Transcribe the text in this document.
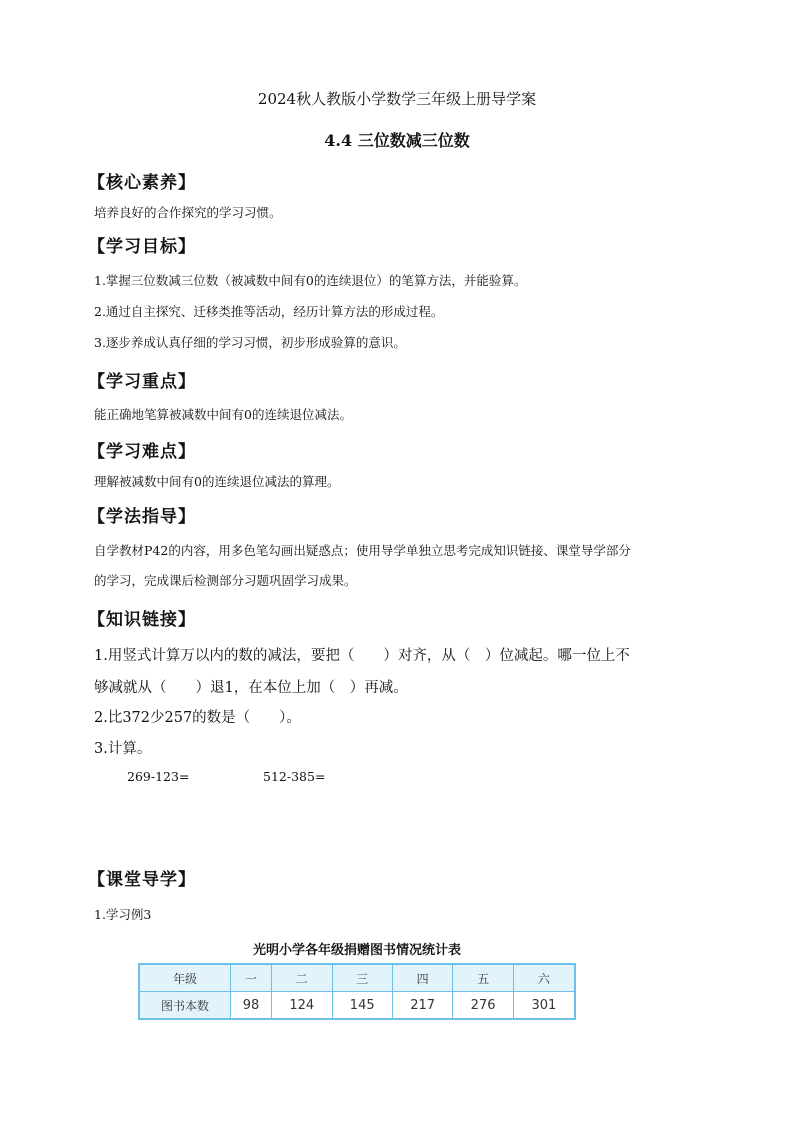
2024秋人教版小学数学三年级上册导学案
4.4 三位数减三位数
【核心素养】
培养良好的合作探究的学习习惯。
【学习目标】
1.掌握三位数减三位数（被减数中间有0的连续退位）的笔算方法，并能验算。
2.通过自主探究、迁移类推等活动，经历计算方法的形成过程。
3.逐步养成认真仔细的学习习惯，初步形成验算的意识。
【学习重点】
能正确地笔算被减数中间有0的连续退位减法。
【学习难点】
理解被减数中间有0的连续退位减法的算理。
【学法指导】
自学教材P42的内容，用多色笔勾画出疑惑点；使用导学单独立思考完成知识链接、课堂导学部分
的学习，完成课后检测部分习题巩固学习成果。
【知识链接】
1.用竖式计算万以内的数的减法，要把（　　）对齐，从（　）位减起。哪一位上不
够减就从（　　）退1，在本位上加（　）再减。
2.比372少257的数是（　　）。
3.计算。
269-123=	512-385=
【课堂导学】
1.学习例3
光明小学各年级捐赠图书情况统计表
年级	一	二	三	四	五	六
图书本数	98	124	145	217	276	301
